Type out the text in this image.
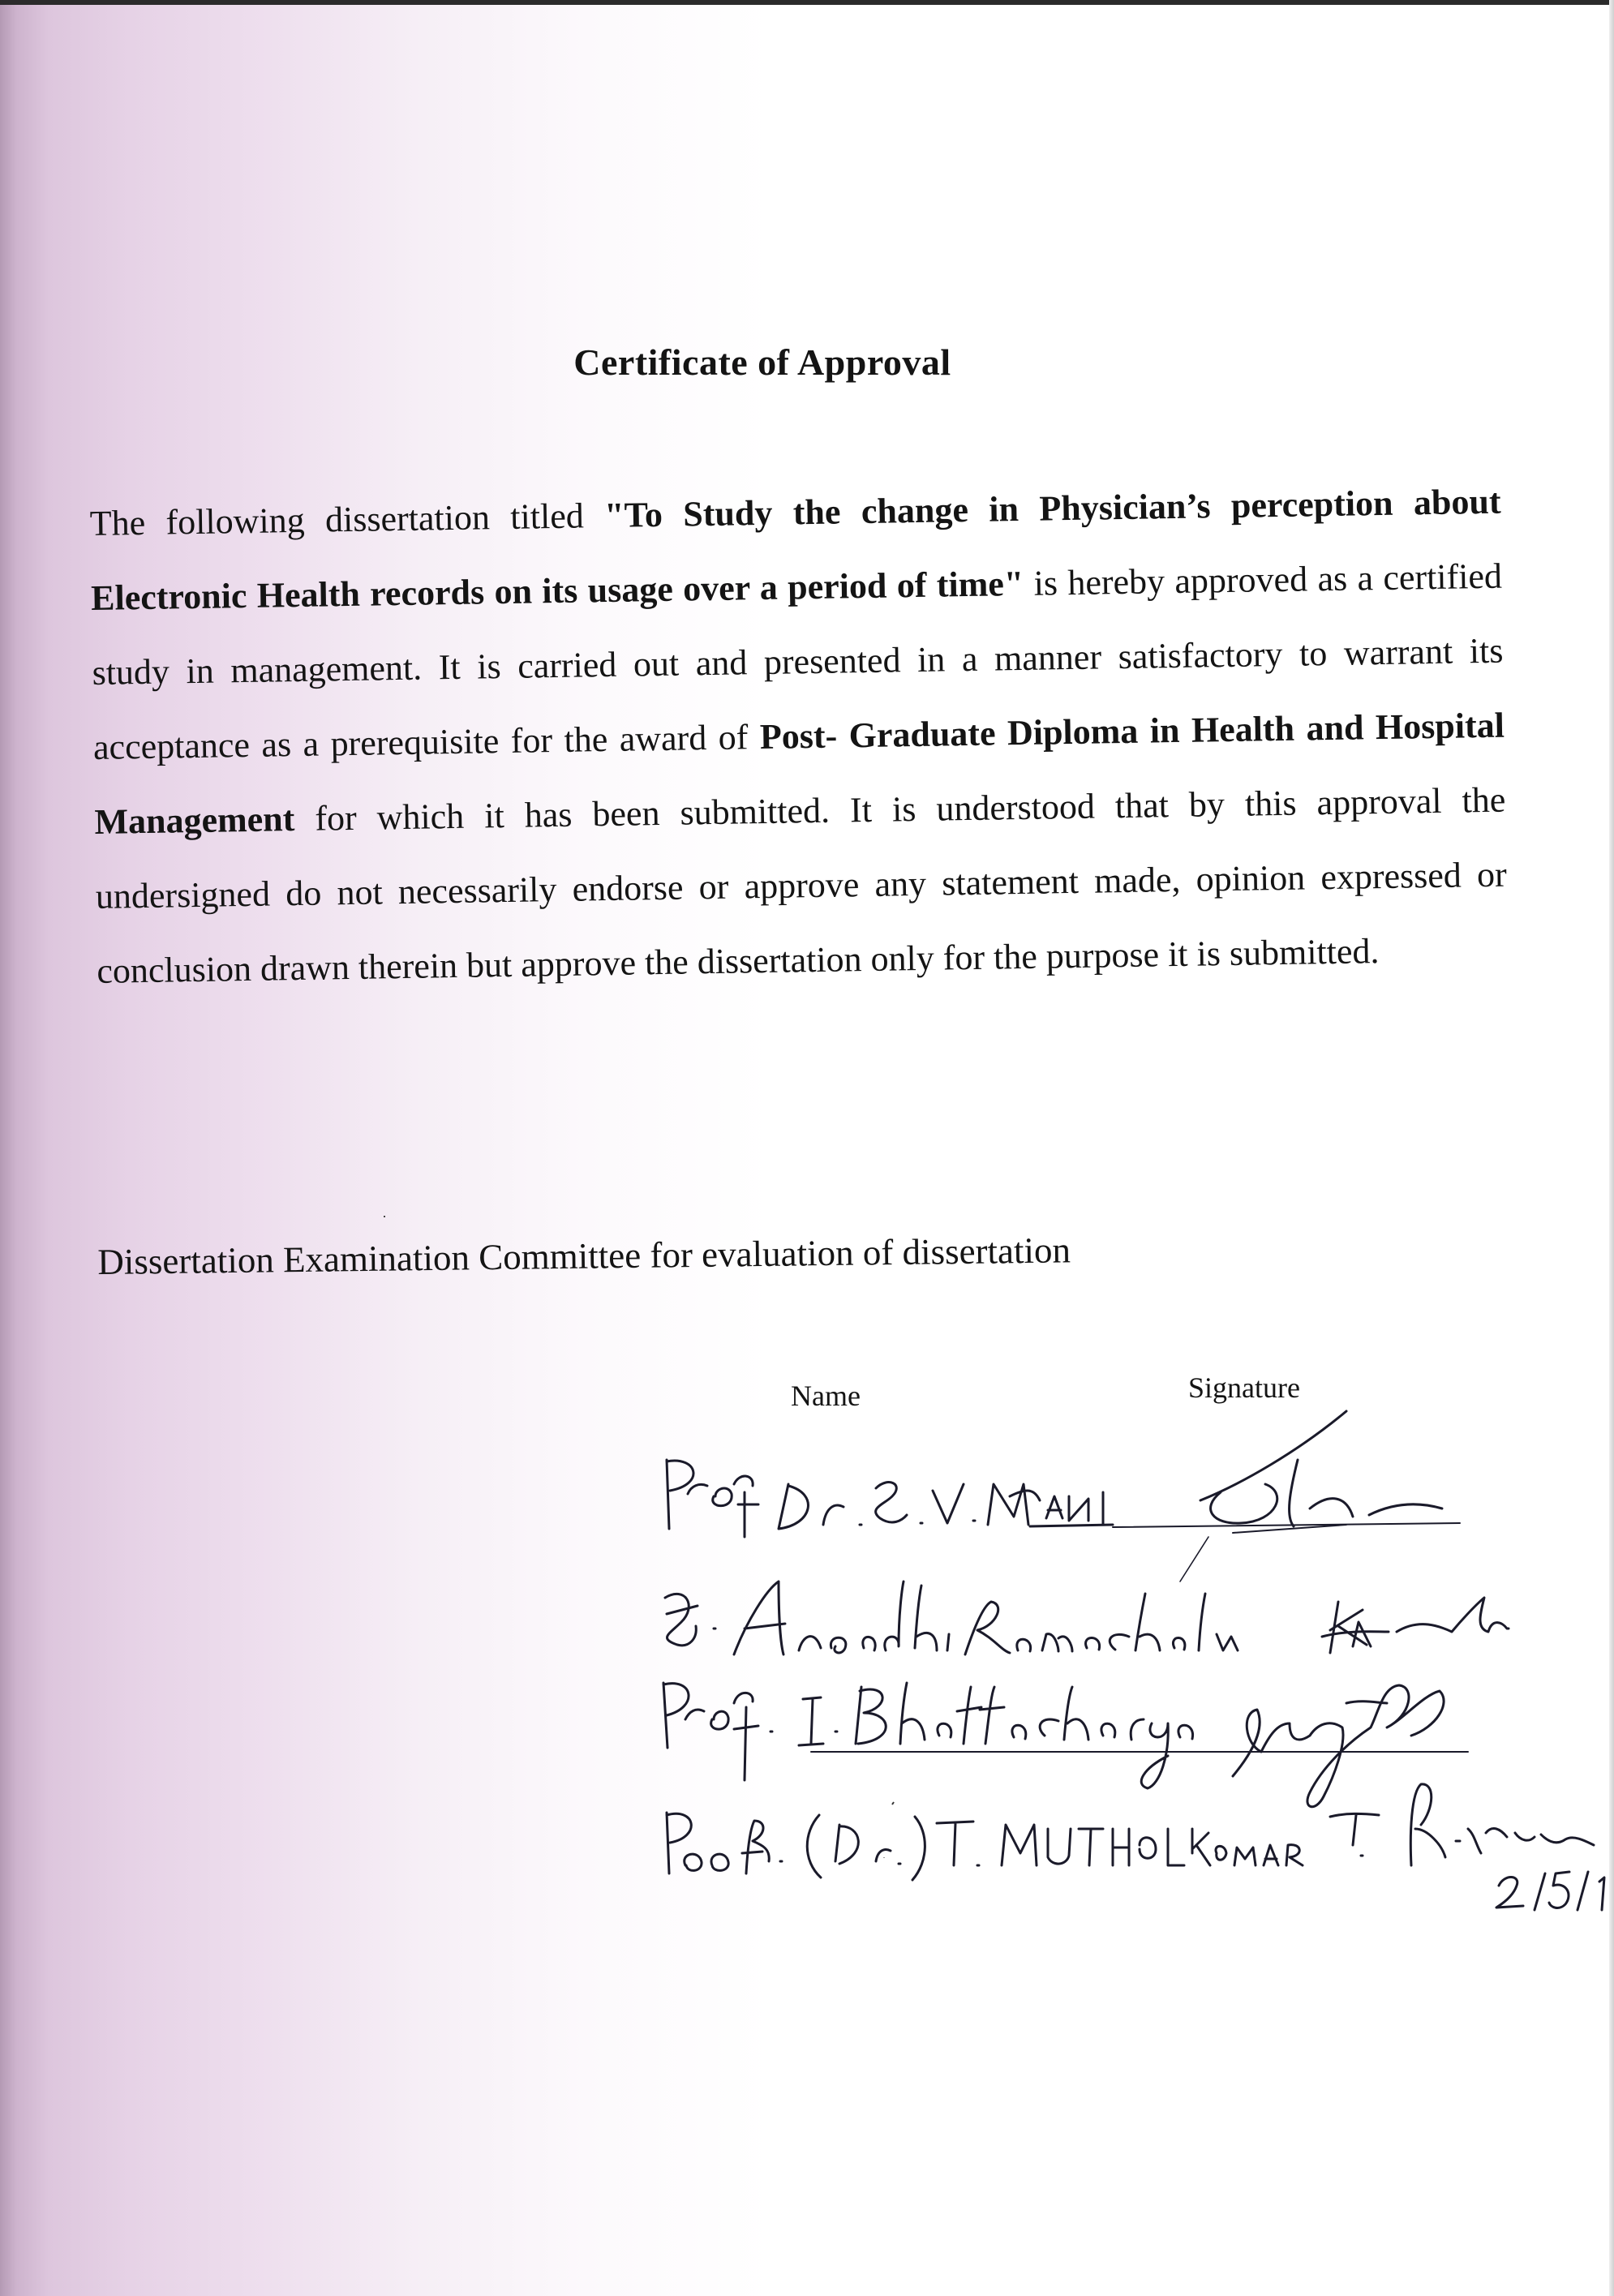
Certificate of Approval
The following dissertation titled "To Study the change in Physician’s perception about Electronic Health records on its usage over a period of time" is hereby approved as a certified study in management. It is carried out and presented in a manner satisfactory to warrant its acceptance as a prerequisite for the award of Post- Graduate Diploma in Health and Hospital Management for which it has been submitted. It is understood that by this approval the undersigned do not necessarily endorse or approve any statement made, opinion expressed or conclusion drawn therein but approve the dissertation only for the purpose it is submitted.
Dissertation Examination Committee for evaluation of dissertation
Name	Signature
